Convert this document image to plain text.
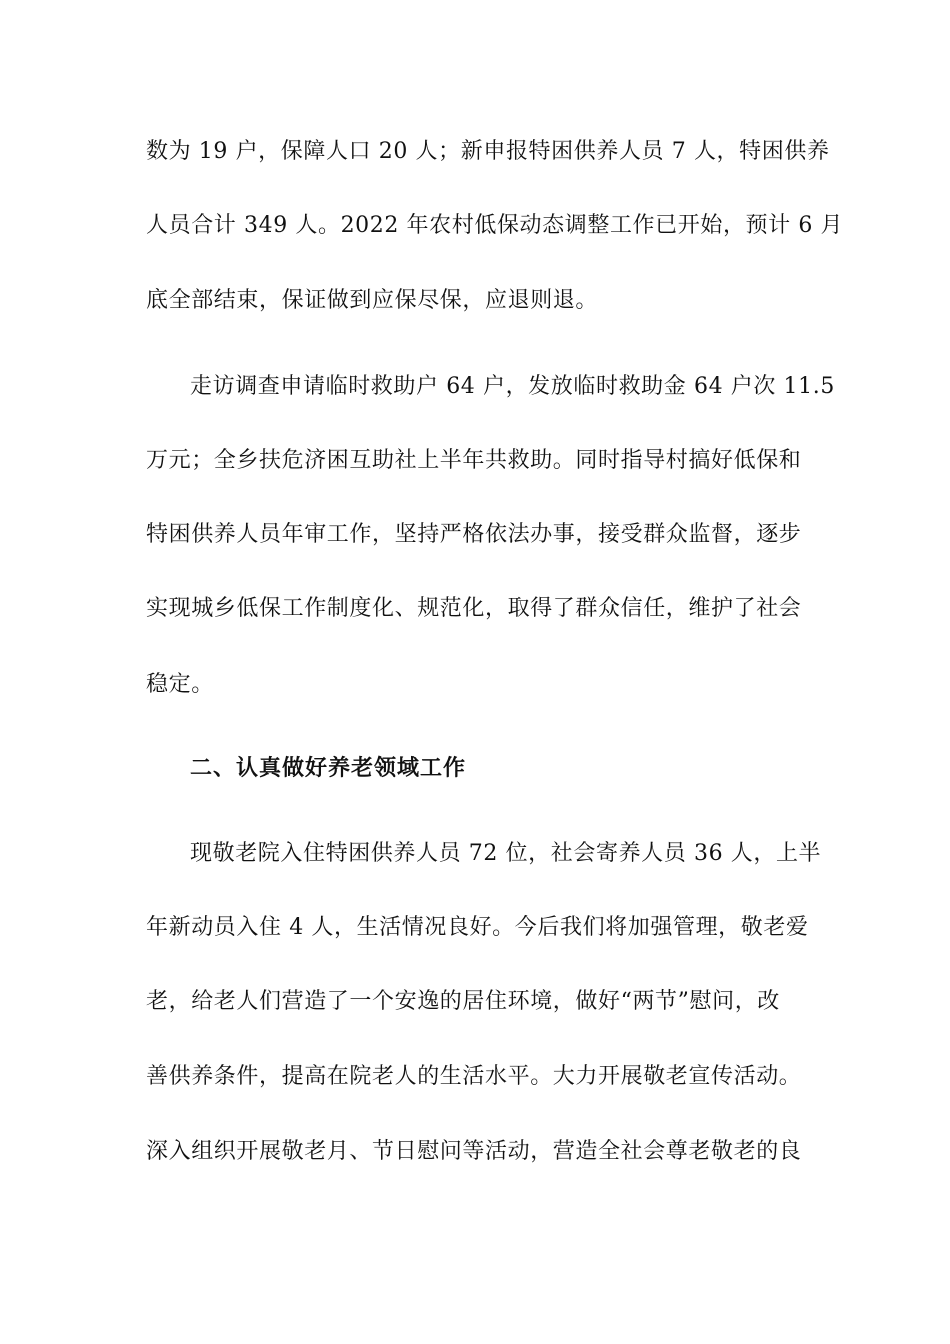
数为 19 户，保障人口 20 人；新申报特困供养人员 7 人，特困供养
人员合计 349 人。2022 年农村低保动态调整工作已开始，预计 6 月
底全部结束，保证做到应保尽保，应退则退。
走访调查申请临时救助户 64 户，发放临时救助金 64 户次 11.5
万元；全乡扶危济困互助社上半年共救助。同时指导村搞好低保和
特困供养人员年审工作，坚持严格依法办事，接受群众监督，逐步
实现城乡低保工作制度化、规范化，取得了群众信任，维护了社会
稳定。
二、认真做好养老领域工作
现敬老院入住特困供养人员 72 位，社会寄养人员 36 人，上半
年新动员入住 4 人，生活情况良好。今后我们将加强管理，敬老爱
老，给老人们营造了一个安逸的居住环境，做好“两节”慰问，改
善供养条件，提高在院老人的生活水平。大力开展敬老宣传活动。
深入组织开展敬老月、节日慰问等活动，营造全社会尊老敬老的良
